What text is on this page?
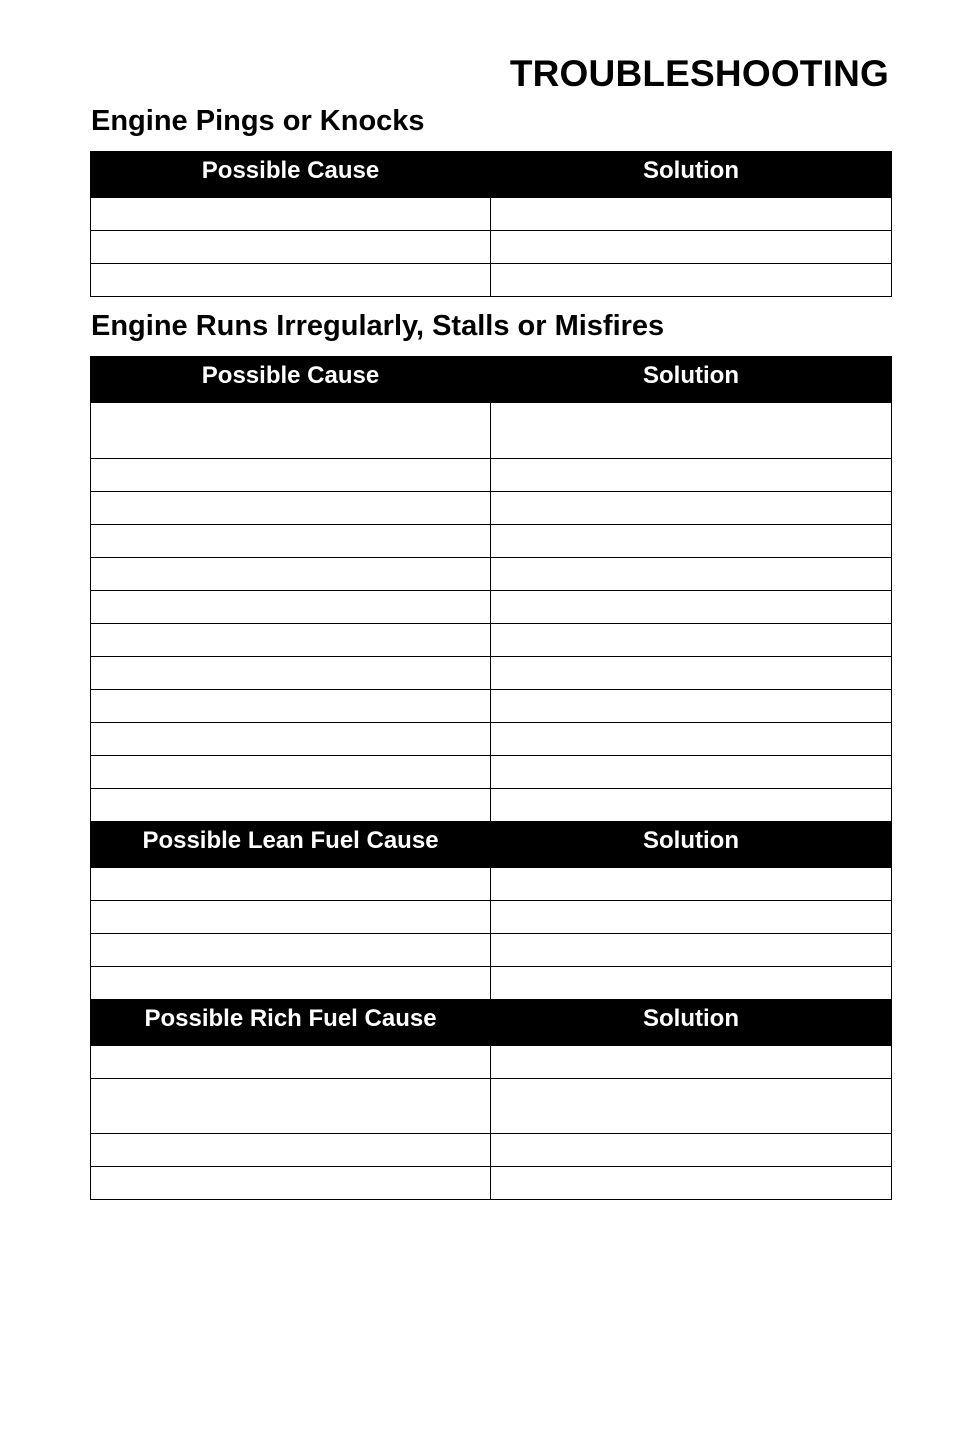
TROUBLESHOOTING
Engine Pings or Knocks
Possible Cause	Solution

Engine Runs Irregularly, Stalls or Misfires
Possible Cause	Solution

Possible Lean Fuel Cause	Solution

Possible Rich Fuel Cause	Solution
